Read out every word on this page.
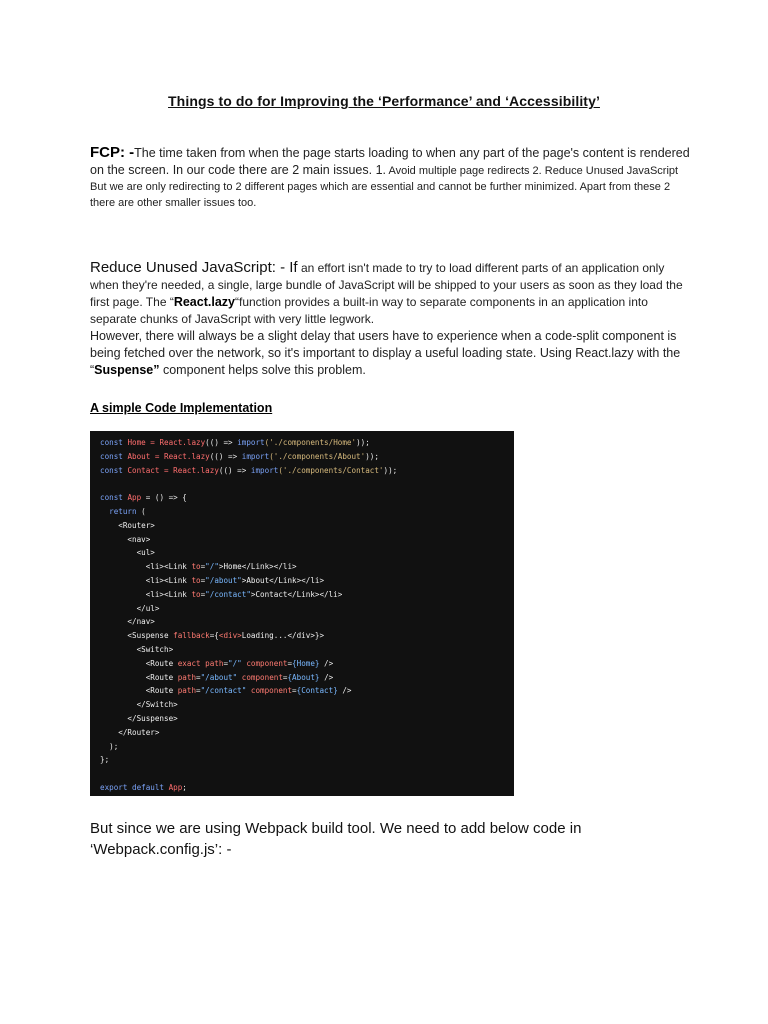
Things to do for Improving the ‘Performance’ and ‘Accessibility’
FCP: -The time taken from when the page starts loading to when any part of the page's content is rendered on the screen. In our code there are 2 main issues. 1. Avoid multiple page redirects 2. Reduce Unused JavaScript
But we are only redirecting to 2 different pages which are essential and cannot be further minimized. Apart from these 2 there are other smaller issues too.
Reduce Unused JavaScript: - If an effort isn't made to try to load different parts of an application only when they're needed, a single, large bundle of JavaScript will be shipped to your users as soon as they load the first page. The “React.lazy“function provides a built-in way to separate components in an application into separate chunks of JavaScript with very little legwork.
However, there will always be a slight delay that users have to experience when a code-split component is being fetched over the network, so it's important to display a useful loading state. Using React.lazy with the “Suspense” component helps solve this problem.
A simple Code Implementation
const Home = React.lazy(() => import('./components/Home'));
const About = React.lazy(() => import('./components/About'));
const Contact = React.lazy(() => import('./components/Contact'));

const App = () => {
return (
<Router>
<nav>
<ul>
<li><Link to="/">Home</Link></li>
<li><Link to="/about">About</Link></li>
<li><Link to="/contact">Contact</Link></li>
</ul>
</nav>
<Suspense fallback={<div>Loading...</div>}>
<Switch>
<Route exact path="/" component={Home} />
<Route path="/about" component={About} />
<Route path="/contact" component={Contact} />
</Switch>
</Suspense>
</Router>
);
};

export default App;
But since we are using Webpack build tool. We need to add below code in ‘Webpack.config.js’: -
